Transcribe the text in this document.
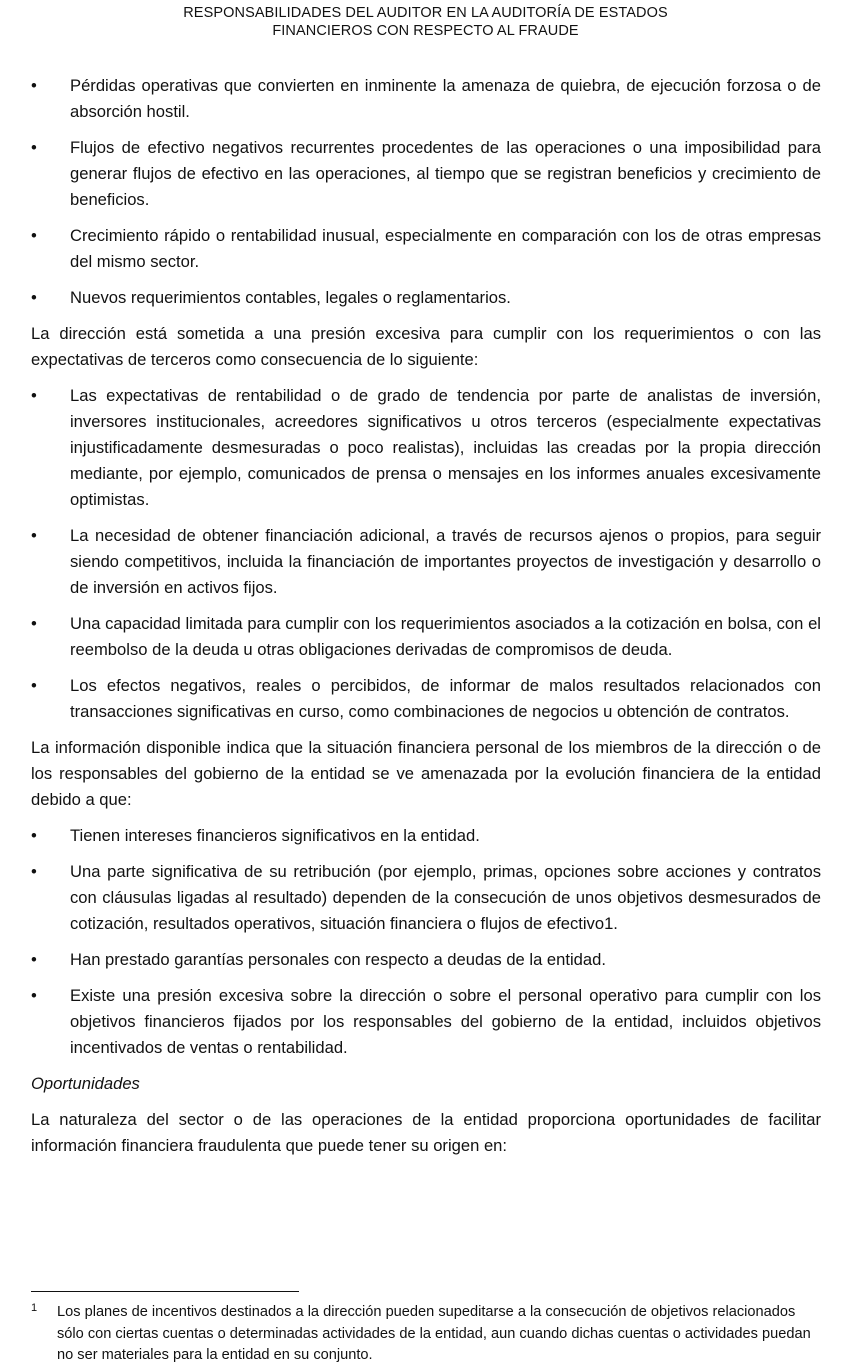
RESPONSABILIDADES DEL AUDITOR EN LA AUDITORÍA DE ESTADOS
FINANCIEROS CON RESPECTO AL FRAUDE
•	Pérdidas operativas que convierten en inminente la amenaza de quiebra, de ejecución forzosa o de absorción hostil.
•	Flujos de efectivo negativos recurrentes procedentes de las operaciones o una imposibilidad para generar flujos de efectivo en las operaciones, al tiempo que se registran beneficios y crecimiento de beneficios.
•	Crecimiento rápido o rentabilidad inusual, especialmente en comparación con los de otras empresas del mismo sector.
•	Nuevos requerimientos contables, legales o reglamentarios.

La dirección está sometida a una presión excesiva para cumplir con los requerimientos o con las expectativas de terceros como consecuencia de lo siguiente:

•	Las expectativas de rentabilidad o de grado de tendencia por parte de analistas de inversión, inversores institucionales, acreedores significativos u otros terceros (especialmente expectativas injustificadamente desmesuradas o poco realistas), incluidas las creadas por la propia dirección mediante, por ejemplo, comunicados de prensa o mensajes en los informes anuales excesivamente optimistas.
•	La necesidad de obtener financiación adicional, a través de recursos ajenos o propios, para seguir siendo competitivos, incluida la financiación de importantes proyectos de investigación y desarrollo o de inversión en activos fijos.
•	Una capacidad limitada para cumplir con los requerimientos asociados a la cotización en bolsa, con el reembolso de la deuda u otras obligaciones derivadas de compromisos de deuda.
•	Los efectos negativos, reales o percibidos, de informar de malos resultados relacionados con transacciones significativas en curso, como combinaciones de negocios u obtención de contratos.

La información disponible indica que la situación financiera personal de los miembros de la dirección o de los responsables del gobierno de la entidad se ve amenazada por la evolución financiera de la entidad debido a que:

•	Tienen intereses financieros significativos en la entidad.
•	Una parte significativa de su retribución (por ejemplo, primas, opciones sobre acciones y contratos con cláusulas ligadas al resultado) dependen de la consecución de unos objetivos desmesurados de cotización, resultados operativos, situación financiera o flujos de efectivo1.
•	Han prestado garantías personales con respecto a deudas de la entidad.
•	Existe una presión excesiva sobre la dirección o sobre el personal operativo para cumplir con los objetivos financieros fijados por los responsables del gobierno de la entidad, incluidos objetivos incentivados de ventas o rentabilidad.

Oportunidades

La naturaleza del sector o de las operaciones de la entidad proporciona oportunidades de facilitar información financiera fraudulenta que puede tener su origen en:

1	Los planes de incentivos destinados a la dirección pueden supeditarse a la consecución de objetivos relacionados sólo con ciertas cuentas o determinadas actividades de la entidad, aun cuando dichas cuentas o actividades puedan no ser materiales para la entidad en su conjunto.
